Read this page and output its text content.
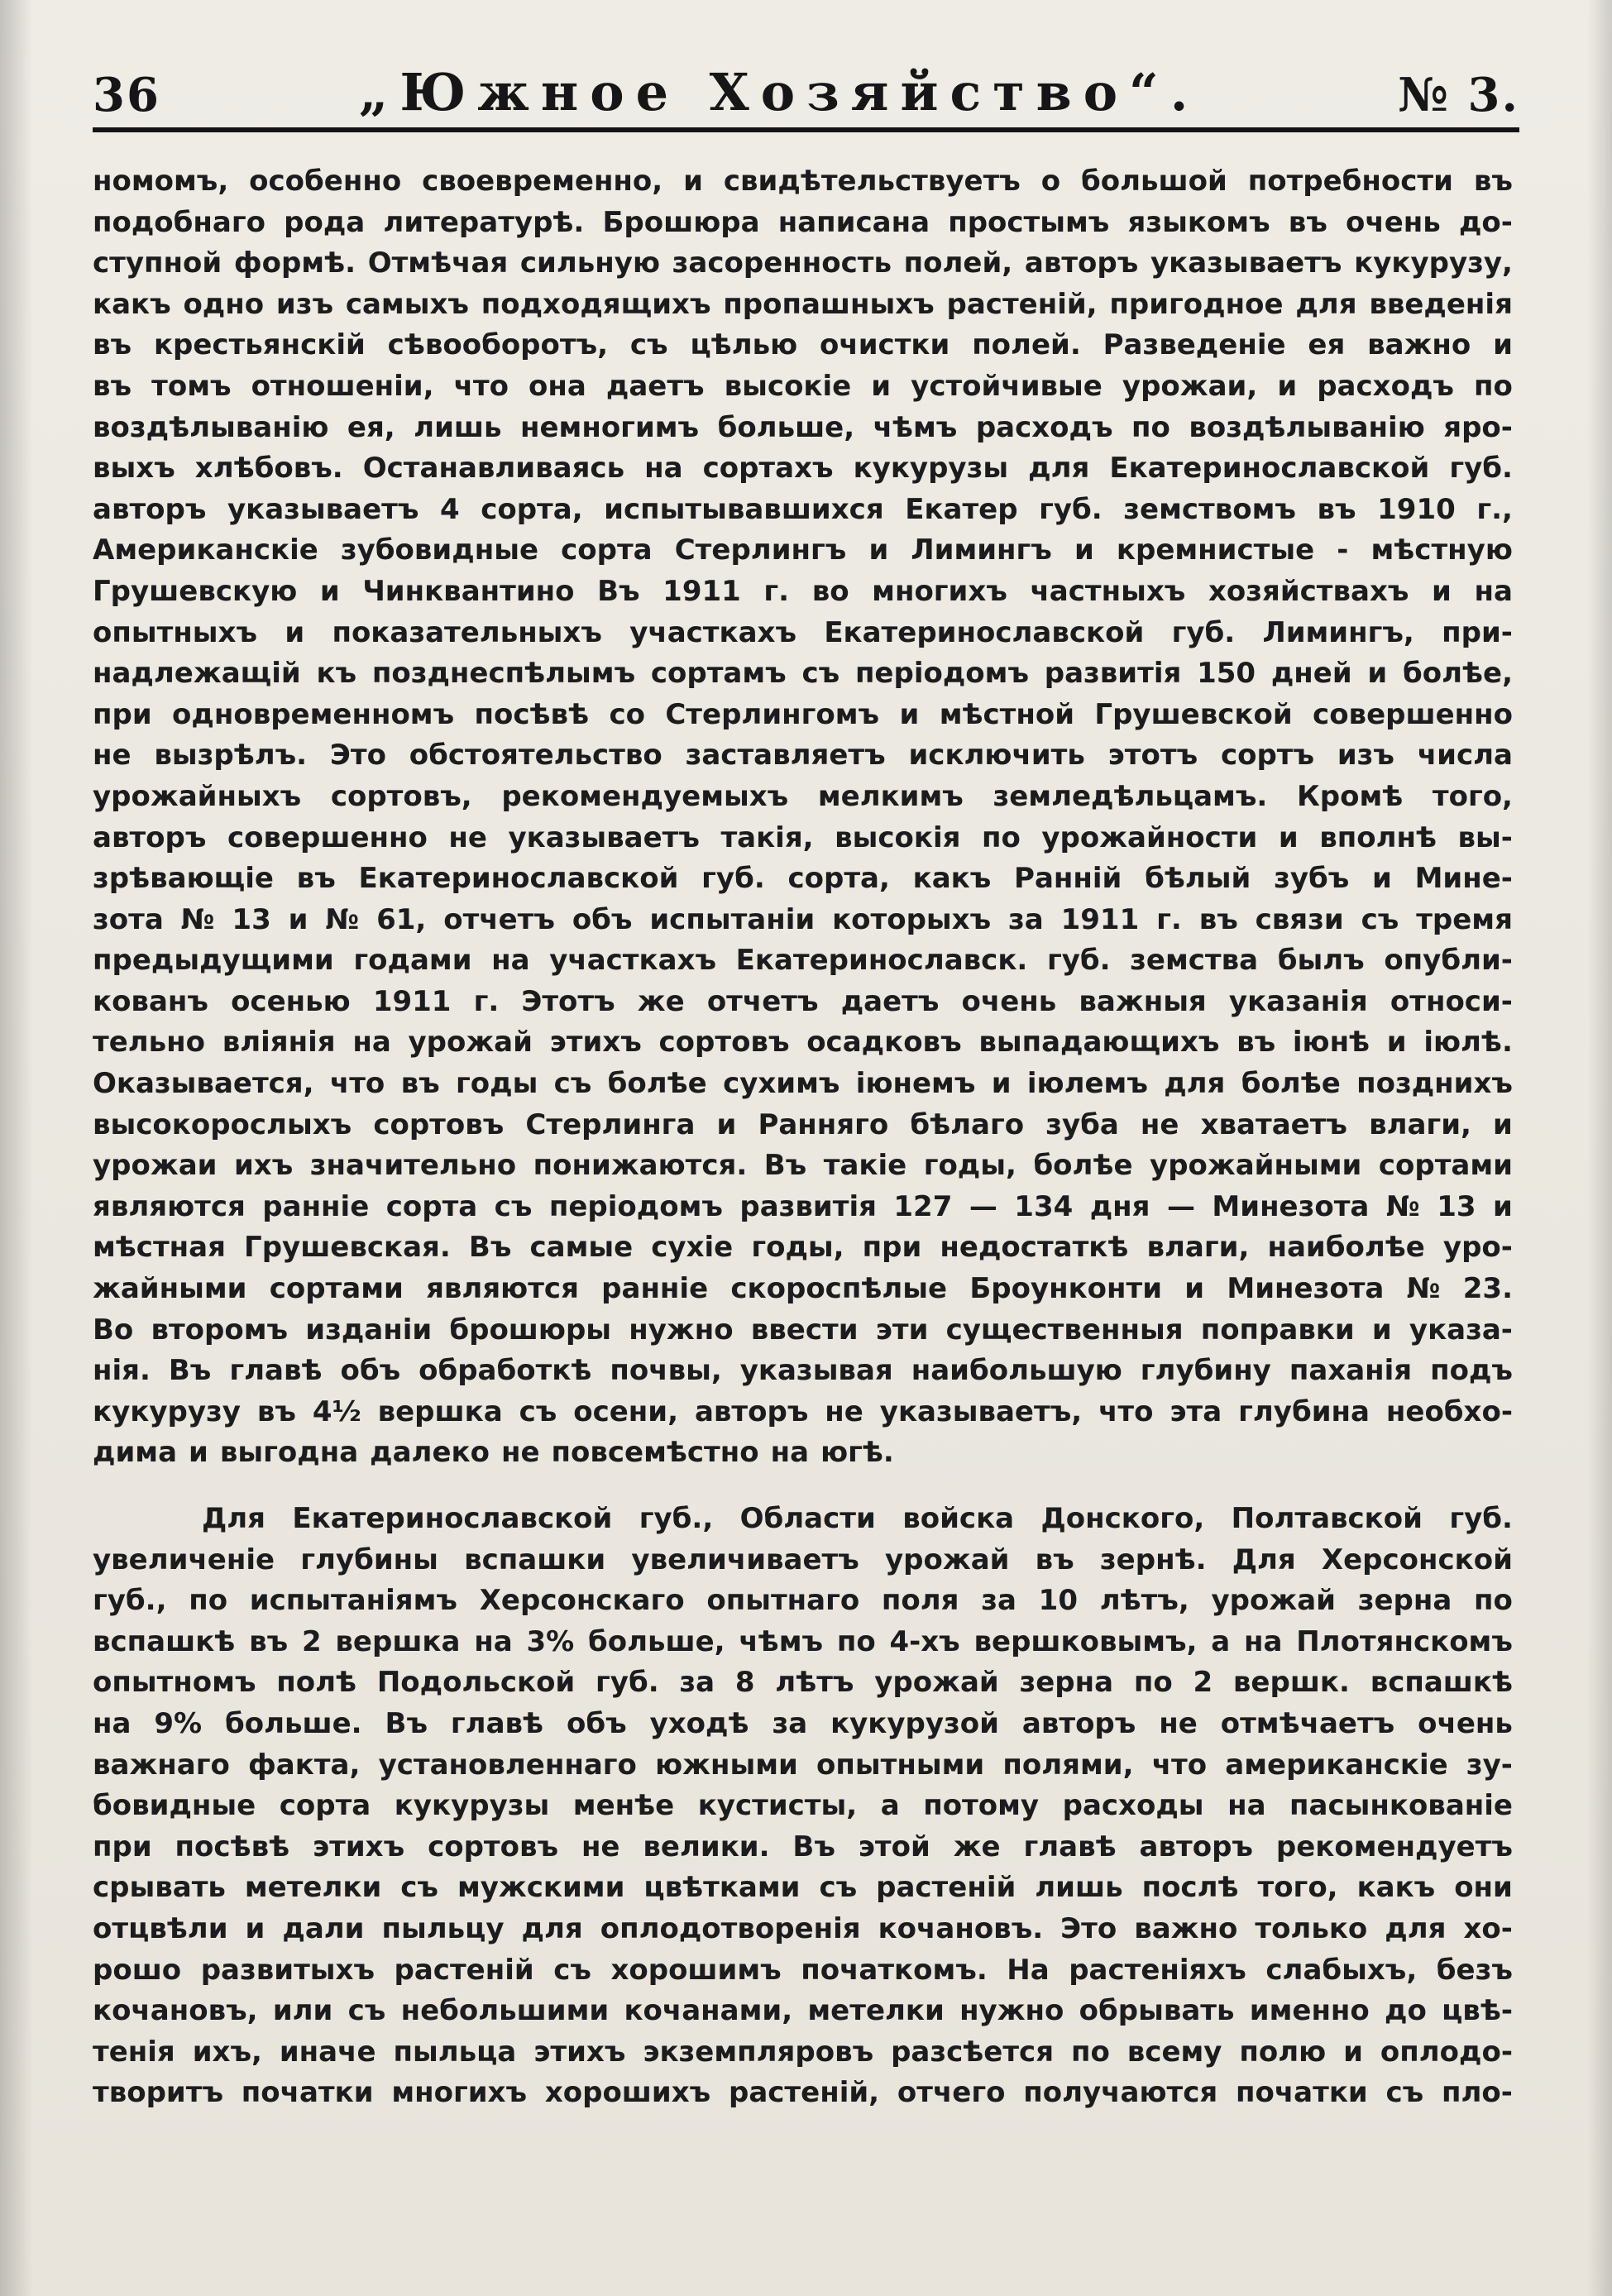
36	„Южное Хозяйство“.	№ 3.
номомъ, особенно своевременно, и свидѣтельствуетъ о большой потребности въ
подобнаго рода литературѣ. Брошюра написана простымъ языкомъ въ очень до-
ступной формѣ. Отмѣчая сильную засоренность полей, авторъ указываетъ кукурузу,
какъ одно изъ самыхъ подходящихъ пропашныхъ растеній, пригодное для введенія
въ крестьянскій сѣвооборотъ, съ цѣлью очистки полей. Разведеніе ея важно и
въ томъ отношеніи, что она даетъ высокіе и устойчивые урожаи, и расходъ по
воздѣлыванію ея, лишь немногимъ больше, чѣмъ расходъ по воздѣлыванію яро-
выхъ хлѣбовъ. Останавливаясь на сортахъ кукурузы для Екатеринославской губ.
авторъ указываетъ 4 сорта, испытывавшихся Екатер губ. земствомъ въ 1910 г.,
Американскіе зубовидные сорта Стерлингъ и Лимингъ и кремнистые - мѣстную
Грушевскую и Чинквантино Въ 1911 г. во многихъ частныхъ хозяйствахъ и на
опытныхъ и показательныхъ участкахъ Екатеринославской губ. Лимингъ, при-
надлежащій къ позднеспѣлымъ сортамъ съ періодомъ развитія 150 дней и болѣе,
при одновременномъ посѣвѣ со Стерлингомъ и мѣстной Грушевской совершенно
не вызрѣлъ. Это обстоятельство заставляетъ исключить этотъ сортъ изъ числа
урожайныхъ сортовъ, рекомендуемыхъ мелкимъ земледѣльцамъ. Кромѣ того,
авторъ совершенно не указываетъ такія, высокія по урожайности и вполнѣ вы-
зрѣвающіе въ Екатеринославской губ. сорта, какъ Ранній бѣлый зубъ и Мине-
зота № 13 и № 61, отчетъ объ испытаніи которыхъ за 1911 г. въ связи съ тремя
предыдущими годами на участкахъ Екатеринославск. губ. земства былъ опубли-
кованъ осенью 1911 г. Этотъ же отчетъ даетъ очень важныя указанія относи-
тельно вліянія на урожай этихъ сортовъ осадковъ выпадающихъ въ іюнѣ и іюлѣ.
Оказывается, что въ годы съ болѣе сухимъ іюнемъ и іюлемъ для болѣе позднихъ
высокорослыхъ сортовъ Стерлинга и Ранняго бѣлаго зуба не хватаетъ влаги, и
урожаи ихъ значительно понижаются. Въ такіе годы, болѣе урожайными сортами
являются ранніе сорта съ періодомъ развитія 127 — 134 дня — Минезота № 13 и
мѣстная Грушевская. Въ самые сухіе годы, при недостаткѣ влаги, наиболѣе уро-
жайными сортами являются ранніе скороспѣлые Броунконти и Минезота № 23.
Во второмъ изданіи брошюры нужно ввести эти существенныя поправки и указа-
нія. Въ главѣ объ обработкѣ почвы, указывая наибольшую глубину паханія подъ
кукурузу въ 4½ вершка съ осени, авторъ не указываетъ, что эта глубина необхо-
дима и выгодна далеко не повсемѣстно на югѣ.
Для Екатеринославской губ., Области войска Донского, Полтавской губ.
увеличеніе глубины вспашки увеличиваетъ урожай въ зернѣ. Для Херсонской
губ., по испытаніямъ Херсонскаго опытнаго поля за 10 лѣтъ, урожай зерна по
вспашкѣ въ 2 вершка на 3% больше, чѣмъ по 4-хъ вершковымъ, а на Плотянскомъ
опытномъ полѣ Подольской губ. за 8 лѣтъ урожай зерна по 2 вершк. вспашкѣ
на 9% больше. Въ главѣ объ уходѣ за кукурузой авторъ не отмѣчаетъ очень
важнаго факта, установленнаго южными опытными полями, что американскіе зу-
бовидные сорта кукурузы менѣе кустисты, а потому расходы на пасынкованіе
при посѣвѣ этихъ сортовъ не велики. Въ этой же главѣ авторъ рекомендуетъ
срывать метелки съ мужскими цвѣтками съ растеній лишь послѣ того, какъ они
отцвѣли и дали пыльцу для оплодотворенія кочановъ. Это важно только для хо-
рошо развитыхъ растеній съ хорошимъ початкомъ. На растеніяхъ слабыхъ, безъ
кочановъ, или съ небольшими кочанами, метелки нужно обрывать именно до цвѣ-
тенія ихъ, иначе пыльца этихъ экземпляровъ разсѣется по всему полю и оплодо-
творитъ початки многихъ хорошихъ растеній, отчего получаются початки съ пло-
